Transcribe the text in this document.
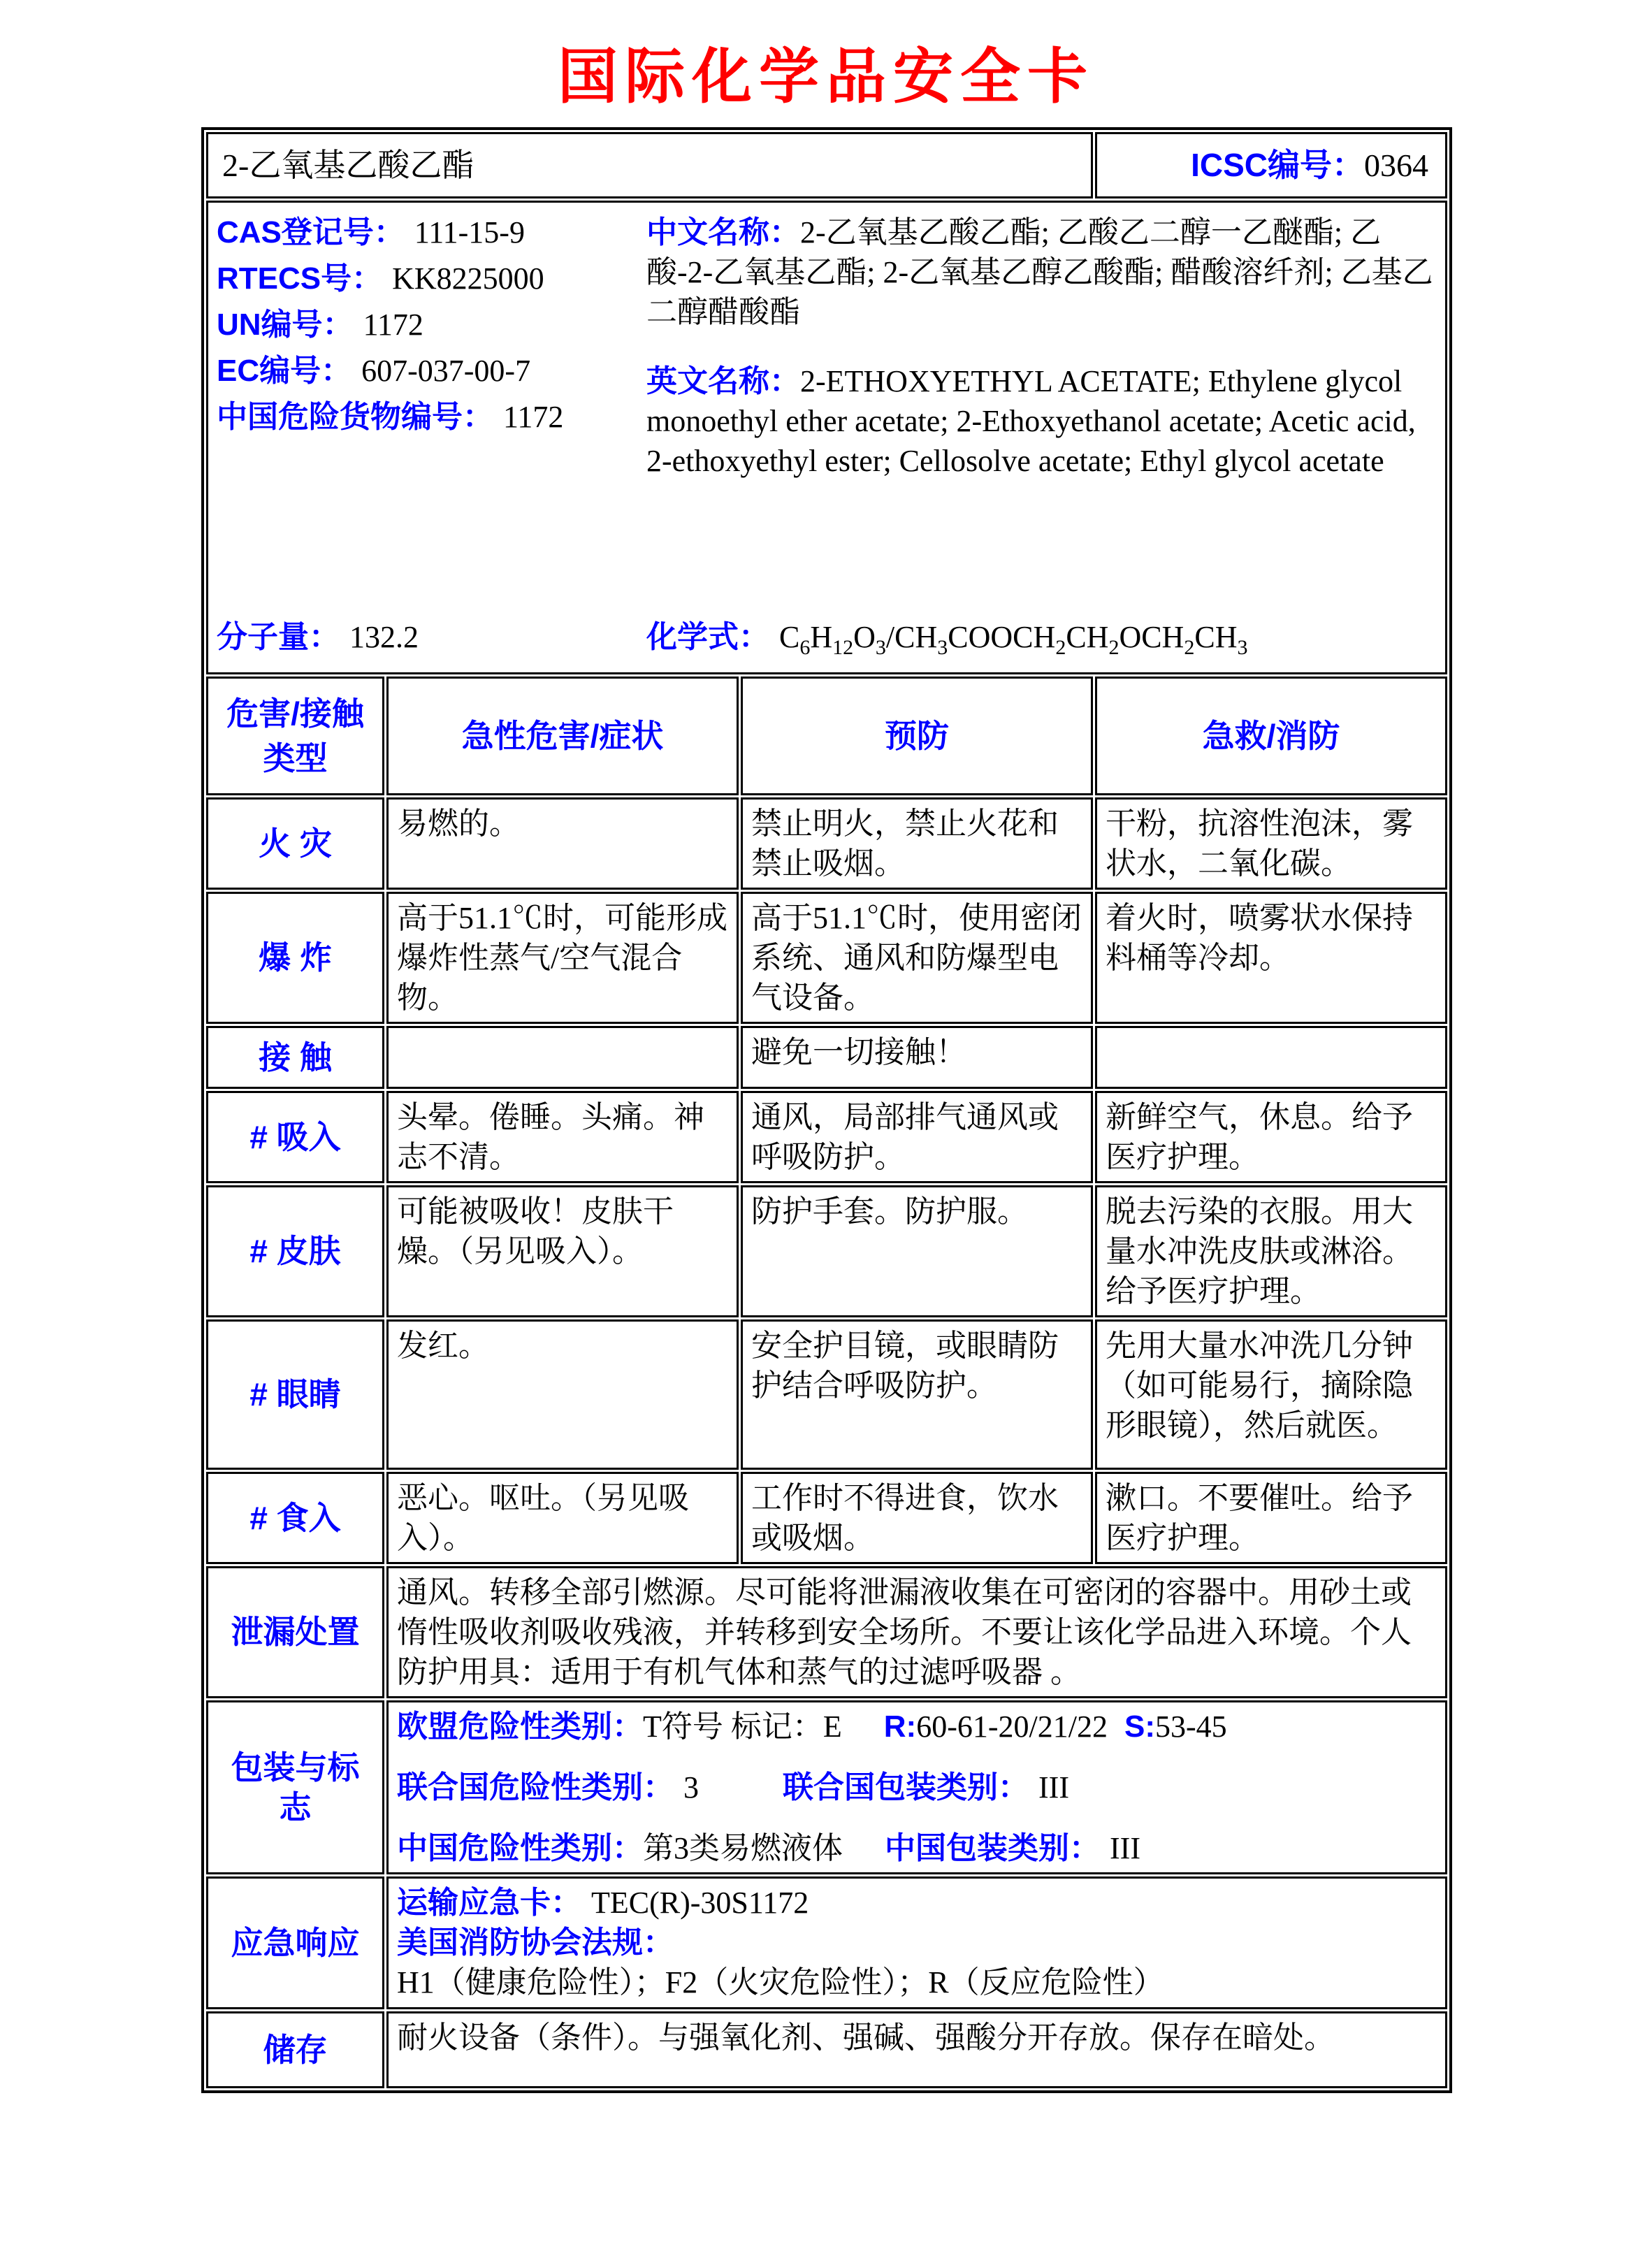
国际化学品安全卡
2-乙氧基乙酸乙酯			ICSC编号：0364

CAS登记号： 111-15-9
RTECS号： KK8225000
UN编号： 1172
EC编号： 607-037-00-7
中国危险货物编号： 1172

中文名称：2-乙氧基乙酸乙酯; 乙酸乙二醇一乙醚酯; 乙酸-2-乙氧基乙酯; 2-乙氧基乙醇乙酸酯; 醋酸溶纤剂; 乙基乙二醇醋酸酯

英文名称：2-ETHOXYETHYL ACETATE; Ethylene glycol monoethyl ether acetate; 2-Ethoxyethanol acetate; Acetic acid, 2-ethoxyethyl ester; Cellosolve acetate; Ethyl glycol acetate

分子量： 132.2	化学式： $C_6H_{12}O_3/CH_3COOCH_2CH_2OCH_2CH_3$

危害/接触类型	急性危害/症状	预防	急救/消防
火 灾	易燃的。	禁止明火，禁止火花和禁止吸烟。	干粉，抗溶性泡沫，雾状水，二氧化碳。
爆 炸	高于51.1℃时，可能形成爆炸性蒸气/空气混合物。	高于51.1℃时，使用密闭系统、通风和防爆型电气设备。	着火时，喷雾状水保持料桶等冷却。
接 触		避免一切接触！	
# 吸入	头晕。倦睡。头痛。神志不清。	通风，局部排气通风或呼吸防护。	新鲜空气，休息。给予医疗护理。
# 皮肤	可能被吸收！皮肤干燥。（另见吸入）。	防护手套。防护服。	脱去污染的衣服。用大量水冲洗皮肤或淋浴。给予医疗护理。
# 眼睛	发红。	安全护目镜，或眼睛防护结合呼吸防护。	先用大量水冲洗几分钟（如可能易行，摘除隐形眼镜），然后就医。
# 食入	恶心。呕吐。（另见吸入）。	工作时不得进食，饮水或吸烟。	漱口。不要催吐。给予医疗护理。
泄漏处置	通风。转移全部引燃源。尽可能将泄漏液收集在可密闭的容器中。用砂土或惰性吸收剂吸收残液，并转移到安全场所。不要让该化学品进入环境。个人防护用具：适用于有机气体和蒸气的过滤呼吸器 。		
包装与标志	欧盟危险性类别：T符号 标记：E R:60-61-20/21/22 S:53-45
联合国危险性类别： 3 联合国包装类别： III
中国危险性类别：第3类易燃液体 中国包装类别： III		

应急响应	运输应急卡： TEC(R)-30S1172
美国消防协会法规：H1（健康危险性）；F2（火灾危险性）；R（反应危险性）		

储存	耐火设备（条件）。与强氧化剂、强碱、强酸分开存放。保存在暗处。		
